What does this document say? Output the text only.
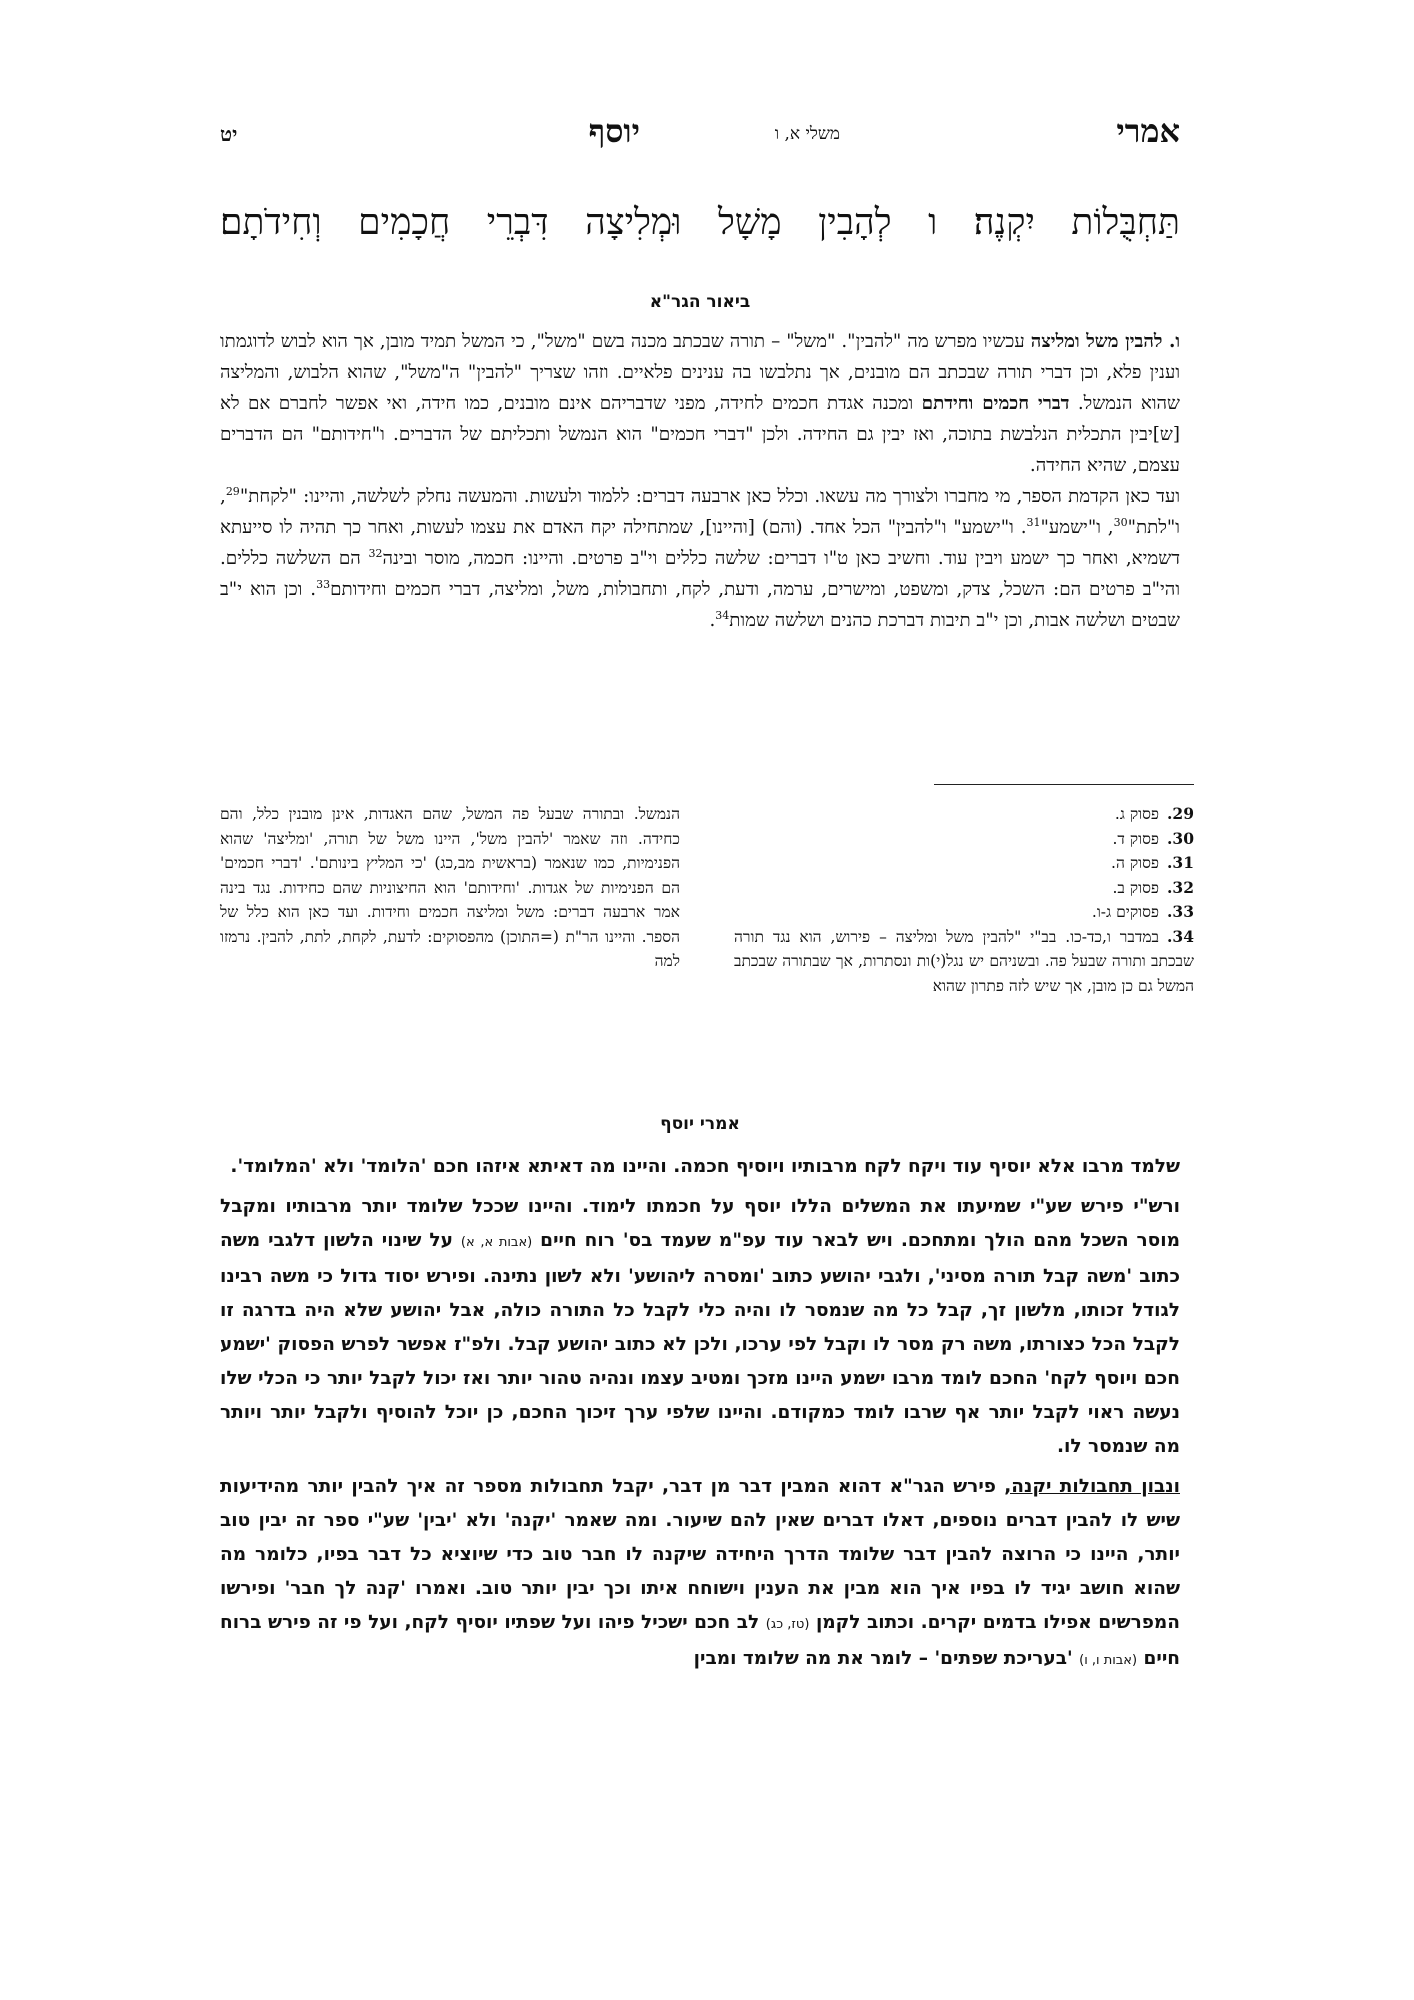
אמרי
משלי א, ו
יוסף
יט
תַּחְבֻּלוֹת יִקְנֶה׃ ו לְהָבִין מָשָׁל וּמְלִיצָה דִּבְרֵי חֲכָמִים וְחִידֹתָם׃
ביאור הגר"א

ו. להבין משל ומליצה עכשיו מפרש מה "להבין". "משל" – תורה שבכתב מכנה בשם "משל", כי המשל תמיד מובן, אך הוא לבוש לדוגמתו וענין פלא, וכן דברי תורה שבכתב הם מובנים, אך נתלבשו בה ענינים פלאיים. וזהו שצריך "להבין" ה"משל", שהוא הלבוש, והמליצה שהוא הנמשל. דברי חכמים וחידתם ומכנה אגדת חכמים לחידה, מפני שדבריהם אינם מובנים, כמו חידה, ואי אפשר לחברם אם לא [ש]יבין התכלית הנלבשת בתוכה, ואז יבין גם החידה. ולכן "דברי חכמים" הוא הנמשל ותכליתם של הדברים. ו"חידותם" הם הדברים עצמם, שהיא החידה.

ועד כאן הקדמת הספר, מי מחברו ולצורך מה עשאו. וכלל כאן ארבעה דברים: ללמוד ולעשות. והמעשה נחלק לשלשה, והיינו: "לקחת"$^{29}$, ו"לתת"$^{30}$, ו"ישמע"$^{31}$. ו"ישמע" ו"להבין" הכל אחד. (והם) [והיינו], שמתחילה יקח האדם את עצמו לעשות, ואחר כך תהיה לו סייעתא דשמיא, ואחר כך ישמע ויבין עוד. וחשיב כאן ט"ו דברים: שלשה כללים וי"ב פרטים. והיינו: חכמה, מוסר ובינה$^{32}$ הם השלשה כללים. והי"ב פרטים הם: השכל, צדק, ומשפט, ומישרים, ערמה, ודעת, לקח, ותחבולות, משל, ומליצה, דברי חכמים וחידותם$^{33}$. וכן הוא י"ב שבטים ושלשה אבות, וכן י"ב תיבות דברכת כהנים ושלשה שמות$^{34}$.

29.פסוק ג.
30.פסוק ד.
31.פסוק ה.
32.פסוק ב.
33.פסוקים ג-ו.
34.במדבר ו,כד-כו. בב"י "להבין משל ומליצה – פירוש, הוא נגד תורה שבכתב ותורה שבעל פה. ובשניהם יש נגל(י)ות ונסתרות, אך שבתורה שבכתב המשל גם כן מובן, אך שיש לזה פתרון שהוא
הנמשל. ובתורה שבעל פה המשל, שהם האגדות, אינן מובנין כלל, והם כחידה. וזה שאמר 'להבין משל', היינו משל של תורה, 'ומליצה' שהוא הפנימיות, כמו שנאמר (בראשית מב,כג) 'כי המליץ בינותם'. 'דברי חכמים' הם הפנימיות של אגדות. 'וחידותם' הוא החיצוניות שהם כחידות. נגד בינה אמר ארבעה דברים: משל ומליצה חכמים וחידות. ועד כאן הוא כלל של הספר. והיינו הר"ת (=התוכן) מהפסוקים: לדעת, לקחת, לתת, להבין. נרמזו למה
אמרי יוסף

שלמד מרבו אלא יוסיף עוד ויקח לקח מרבותיו ויוסיף חכמה. והיינו מה דאיתא איזהו חכם 'הלומד' ולא 'המלומד'.

ורש"י פירש שע"י שמיעתו את המשלים הללו יוסף על חכמתו לימוד. והיינו שככל שלומד יותר מרבותיו ומקבל מוסר השכל מהם הולך ומתחכם. ויש לבאר עוד עפ"מ שעמד בס' רוח חיים (אבות א, א) על שינוי הלשון דלגבי משה כתוב 'משה קבל תורה מסיני', ולגבי יהושע כתוב 'ומסרה ליהושע' ולא לשון נתינה. ופירש יסוד גדול כי משה רבינו לגודל זכותו, מלשון זך, קבל כל מה שנמסר לו והיה כלי לקבל כל התורה כולה, אבל יהושע שלא היה בדרגה זו לקבל הכל כצורתו, משה רק מסר לו וקבל לפי ערכו, ולכן לא כתוב יהושע קבל. ולפ"ז אפשר לפרש הפסוק 'ישמע חכם ויוסף לקח' החכם לומד מרבו ישמע היינו מזכך ומטיב עצמו ונהיה טהור יותר ואז יכול לקבל יותר כי הכלי שלו נעשה ראוי לקבל יותר אף שרבו לומד כמקודם. והיינו שלפי ערך זיכוך החכם, כן יוכל להוסיף ולקבל יותר ויותר מה שנמסר לו.

ונבון תחבולות יקנה, פירש הגר"א דהוא המבין דבר מן דבר, יקבל תחבולות מספר זה איך להבין יותר מהידיעות שיש לו להבין דברים נוספים, דאלו דברים שאין להם שיעור. ומה שאמר 'יקנה' ולא 'יבין' שע"י ספר זה יבין טוב יותר, היינו כי הרוצה להבין דבר שלומד הדרך היחידה שיקנה לו חבר טוב כדי שיוציא כל דבר בפיו, כלומר מה שהוא חושב יגיד לו בפיו איך הוא מבין את הענין וישוחח איתו וכך יבין יותר טוב. ואמרו 'קנה לך חבר' ופירשו המפרשים אפילו בדמים יקרים. וכתוב לקמן (טז, כג) לב חכם ישכיל פיהו ועל שפתיו יוסיף לקח, ועל פי זה פירש ברוח חיים (אבות ו, ו) 'בעריכת שפתים' – לומר את מה שלומד ומבין
